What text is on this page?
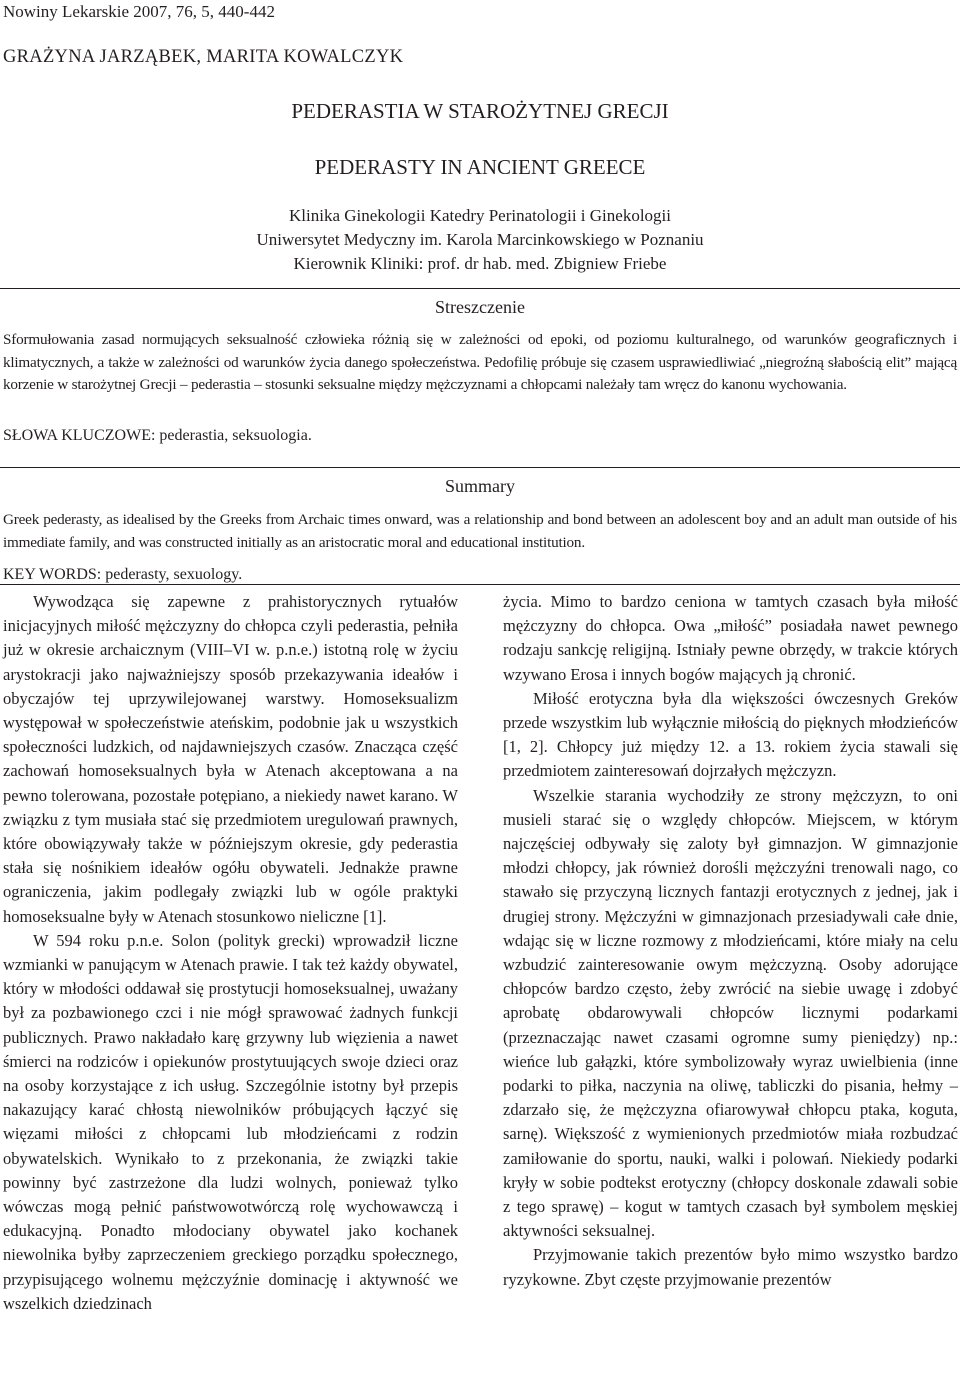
Nowiny Lekarskie 2007, 76, 5, 440-442
GRAŻYNA JARZĄBEK, MARITA KOWALCZYK
PEDERASTIA W STAROŻYTNEJ GRECJI
PEDERASTY IN ANCIENT GREECE
Klinika Ginekologii Katedry Perinatologii i Ginekologii
Uniwersytet Medyczny im. Karola Marcinkowskiego w Poznaniu
Kierownik Kliniki: prof. dr hab. med. Zbigniew Friebe
Streszczenie
Sformułowania zasad normujących seksualność człowieka różnią się w zależności od epoki, od poziomu kulturalnego, od warunków geograficznych i klimatycznych, a także w zależności od warunków życia danego społeczeństwa. Pedofilię próbuje się czasem usprawiedliwiać „niegroźną słabością elit” mającą korzenie w starożytnej Grecji – pederastia – stosunki seksualne między mężczyznami a chłopcami należały tam wręcz do kanonu wychowania.
SŁOWA KLUCZOWE: pederastia, seksuologia.
Summary
Greek pederasty, as idealised by the Greeks from Archaic times onward, was a relationship and bond between an adolescent boy and an adult man outside of his immediate family, and was constructed initially as an aristocratic moral and educational institution.
KEY WORDS: pederasty, sexuology.

Wywodząca się zapewne z prahistorycznych rytuałów inicjacyjnych miłość mężczyzny do chłopca czyli pederastia, pełniła już w okresie archaicznym (VIII–VI w. p.n.e.) istotną rolę w życiu arystokracji jako najważniejszy sposób przekazywania ideałów i obyczajów tej uprzywilejowanej warstwy. Homoseksualizm występował w społeczeństwie ateńskim, podobnie jak u wszystkich społeczności ludzkich, od najdawniejszych czasów. Znacząca część zachowań homoseksualnych była w Atenach akceptowana a na pewno tolerowana, pozostałe potępiano, a niekiedy nawet karano. W związku z tym musiała stać się przedmiotem uregulowań prawnych, które obowiązywały także w późniejszym okresie, gdy pederastia stała się nośnikiem ideałów ogółu obywateli. Jednakże prawne ograniczenia, jakim podlegały związki lub w ogóle praktyki homoseksualne były w Atenach stosunkowo nieliczne [1].

W 594 roku p.n.e. Solon (polityk grecki) wprowadził liczne wzmianki w panującym w Atenach prawie. I tak też każdy obywatel, który w młodości oddawał się prostytucji homoseksualnej, uważany był za pozbawionego czci i nie mógł sprawować żadnych funkcji publicznych. Prawo nakładało karę grzywny lub więzienia a nawet śmierci na rodziców i opiekunów prostytuujących swoje dzieci oraz na osoby korzystające z ich usług. Szczególnie istotny był przepis nakazujący karać chłostą niewolników próbujących łączyć się więzami miłości z chłopcami lub młodzieńcami z rodzin obywatelskich. Wynikało to z przekonania, że związki takie powinny być zastrzeżone dla ludzi wolnych, ponieważ tylko wówczas mogą pełnić państwowotwórczą rolę wychowawczą i edukacyjną. Ponadto młodociany obywatel jako kochanek niewolnika byłby zaprzeczeniem greckiego porządku społecznego, przypisującego wolnemu mężczyźnie dominację i aktywność we wszelkich dziedzinach

życia. Mimo to bardzo ceniona w tamtych czasach była miłość mężczyzny do chłopca. Owa „miłość” posiadała nawet pewnego rodzaju sankcję religijną. Istniały pewne obrzędy, w trakcie których wzywano Erosa i innych bogów mających ją chronić.

Miłość erotyczna była dla większości ówczesnych Greków przede wszystkim lub wyłącznie miłością do pięknych młodzieńców [1, 2]. Chłopcy już między 12. a 13. rokiem życia stawali się przedmiotem zainteresowań dojrzałych mężczyzn.

Wszelkie starania wychodziły ze strony mężczyzn, to oni musieli starać się o względy chłopców. Miejscem, w którym najczęściej odbywały się zaloty był gimnazjon. W gimnazjonie młodzi chłopcy, jak również dorośli mężczyźni trenowali nago, co stawało się przyczyną licznych fantazji erotycznych z jednej, jak i drugiej strony. Mężczyźni w gimnazjonach przesiadywali całe dnie, wdając się w liczne rozmowy z młodzieńcami, które miały na celu wzbudzić zainteresowanie owym mężczyzną. Osoby adorujące chłopców bardzo często, żeby zwrócić na siebie uwagę i zdobyć aprobatę obdarowywali chłopców licznymi podarkami (przeznaczając nawet czasami ogromne sumy pieniędzy) np.: wieńce lub gałązki, które symbolizowały wyraz uwielbienia (inne podarki to piłka, naczynia na oliwę, tabliczki do pisania, hełmy – zdarzało się, że mężczyzna ofiarowywał chłopcu ptaka, koguta, sarnę). Większość z wymienionych przedmiotów miała rozbudzać zamiłowanie do sportu, nauki, walki i polowań. Niekiedy podarki kryły w sobie podtekst erotyczny (chłopcy doskonale zdawali sobie z tego sprawę) – kogut w tamtych czasach był symbolem męskiej aktywności seksualnej.

Przyjmowanie takich prezentów było mimo wszystko bardzo ryzykowne. Zbyt częste przyjmowanie prezentów
